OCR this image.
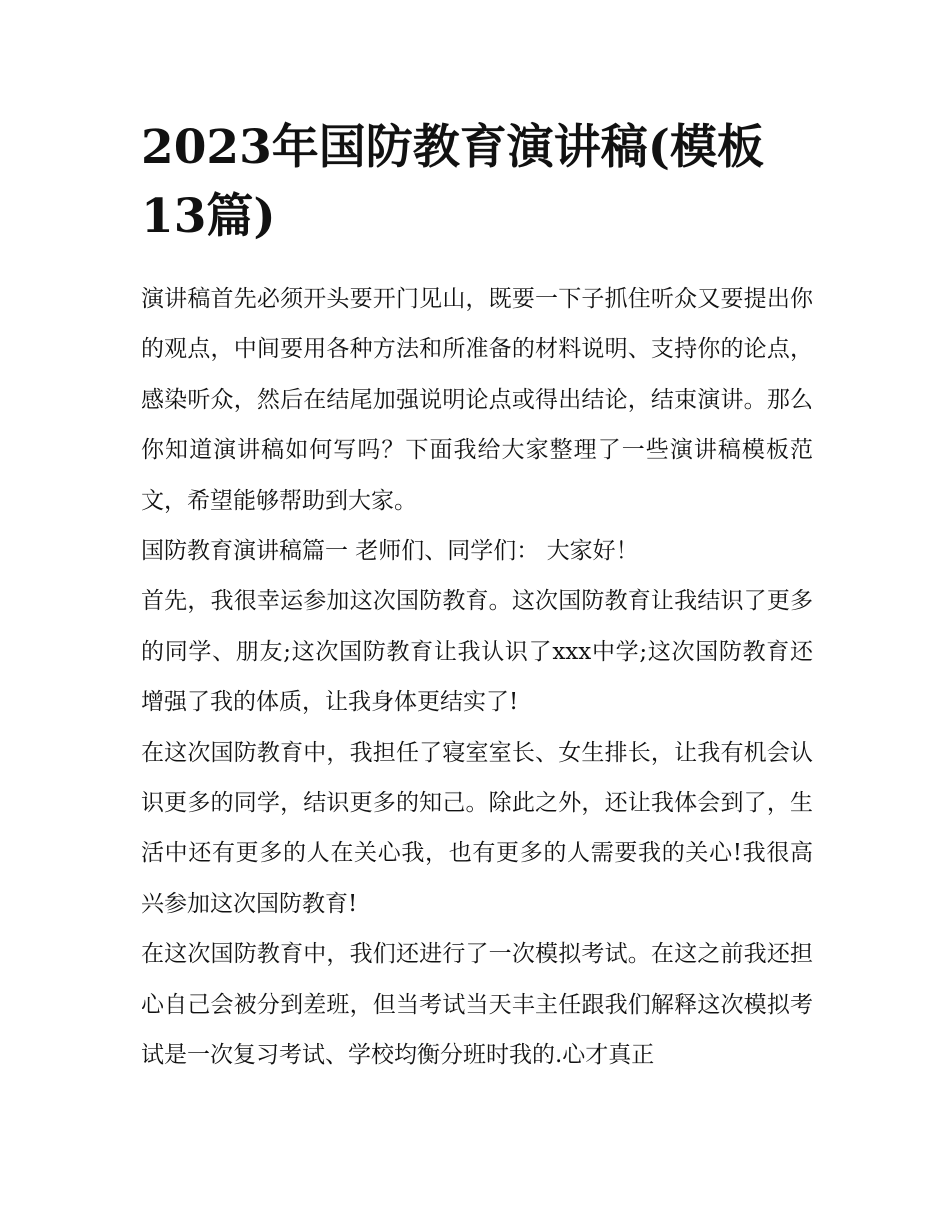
2023年国防教育演讲稿(模板13篇)

演讲稿首先必须开头要开门见山，既要一下子抓住听众又要提出你的观点，中间要用各种方法和所准备的材料说明、支持你的论点，感染听众，然后在结尾加强说明论点或得出结论，结束演讲。那么你知道演讲稿如何写吗？下面我给大家整理了一些演讲稿模板范文，希望能够帮助到大家。

国防教育演讲稿篇一 老师们、同学们： 大家好！

首先，我很幸运参加这次国防教育。这次国防教育让我结识了更多的同学、朋友;这次国防教育让我认识了xxx中学;这次国防教育还增强了我的体质，让我身体更结实了!

在这次国防教育中，我担任了寝室室长、女生排长，让我有机会认识更多的同学，结识更多的知己。除此之外，还让我体会到了，生活中还有更多的人在关心我，也有更多的人需要我的关心!我很高兴参加这次国防教育!

在这次国防教育中，我们还进行了一次模拟考试。在这之前我还担心自己会被分到差班，但当考试当天丰主任跟我们解释这次模拟考试是一次复习考试、学校均衡分班时我的.心才真正
